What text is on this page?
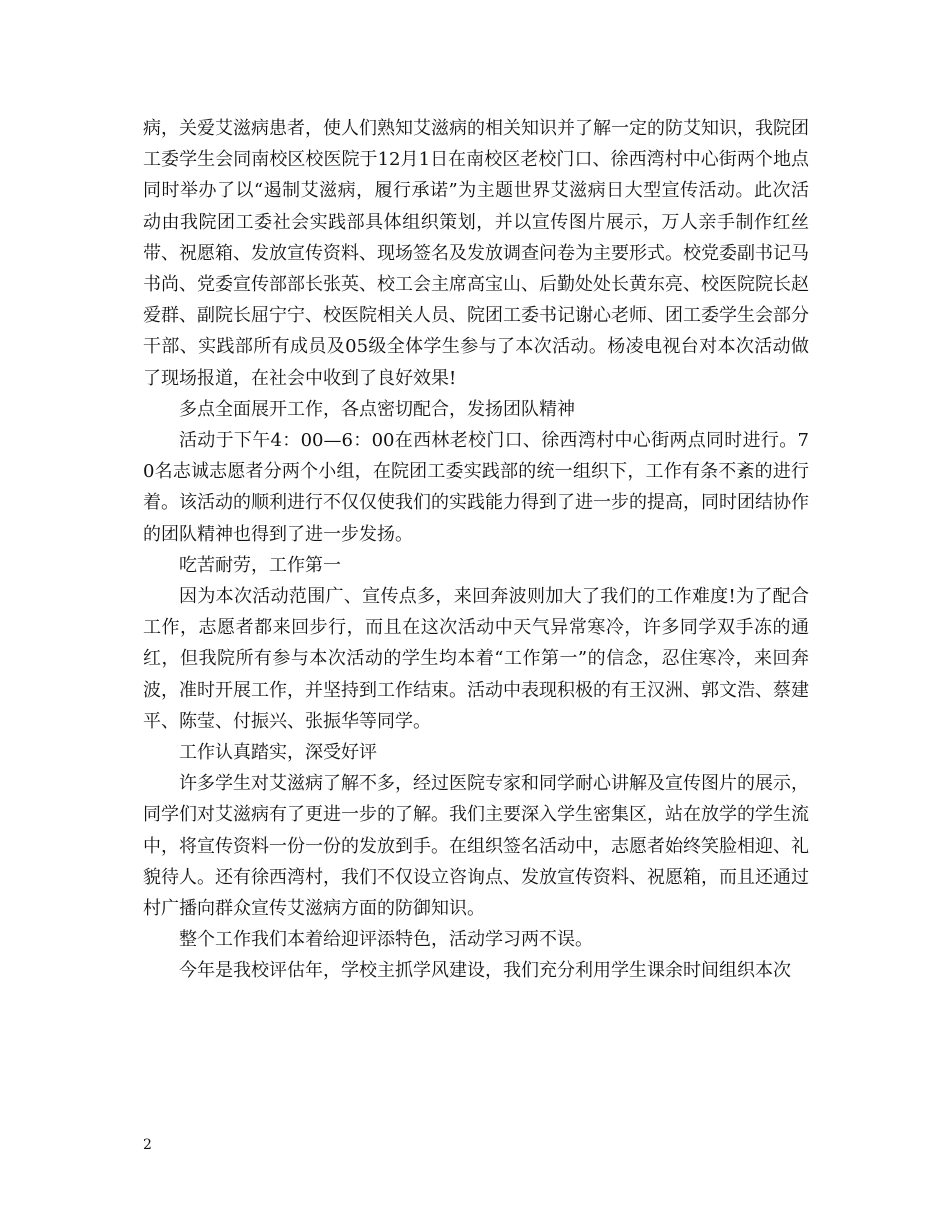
病，关爱艾滋病患者，使人们熟知艾滋病的相关知识并了解一定的防艾知识，我院团工委学生会同南校区校医院于12月1日在南校区老校门口、徐西湾村中心街两个地点同时举办了以“遏制艾滋病，履行承诺”为主题世界艾滋病日大型宣传活动。此次活动由我院团工委社会实践部具体组织策划，并以宣传图片展示，万人亲手制作红丝带、祝愿箱、发放宣传资料、现场签名及发放调查问卷为主要形式。校党委副书记马书尚、党委宣传部部长张英、校工会主席高宝山、后勤处处长黄东亮、校医院院长赵爱群、副院长屈宁宁、校医院相关人员、院团工委书记谢心老师、团工委学生会部分干部、实践部所有成员及05级全体学生参与了本次活动。杨凌电视台对本次活动做了现场报道，在社会中收到了良好效果!

多点全面展开工作，各点密切配合，发扬团队精神

活动于下午4：00—6：00在西林老校门口、徐西湾村中心街两点同时进行。70名志诚志愿者分两个小组，在院团工委实践部的统一组织下，工作有条不紊的进行着。该活动的顺利进行不仅仅使我们的实践能力得到了进一步的提高，同时团结协作的团队精神也得到了进一步发扬。

吃苦耐劳，工作第一

因为本次活动范围广、宣传点多，来回奔波则加大了我们的工作难度!为了配合工作，志愿者都来回步行，而且在这次活动中天气异常寒冷，许多同学双手冻的通红，但我院所有参与本次活动的学生均本着“工作第一”的信念，忍住寒冷，来回奔波，准时开展工作，并坚持到工作结束。活动中表现积极的有王汉洲、郭文浩、蔡建平、陈莹、付振兴、张振华等同学。

工作认真踏实，深受好评

许多学生对艾滋病了解不多，经过医院专家和同学耐心讲解及宣传图片的展示，同学们对艾滋病有了更进一步的了解。我们主要深入学生密集区，站在放学的学生流中，将宣传资料一份一份的发放到手。在组织签名活动中，志愿者始终笑脸相迎、礼貌待人。还有徐西湾村，我们不仅设立咨询点、发放宣传资料、祝愿箱，而且还通过村广播向群众宣传艾滋病方面的防御知识。

整个工作我们本着给迎评添特色，活动学习两不误。

今年是我校评估年，学校主抓学风建设，我们充分利用学生课余时间组织本次

2
